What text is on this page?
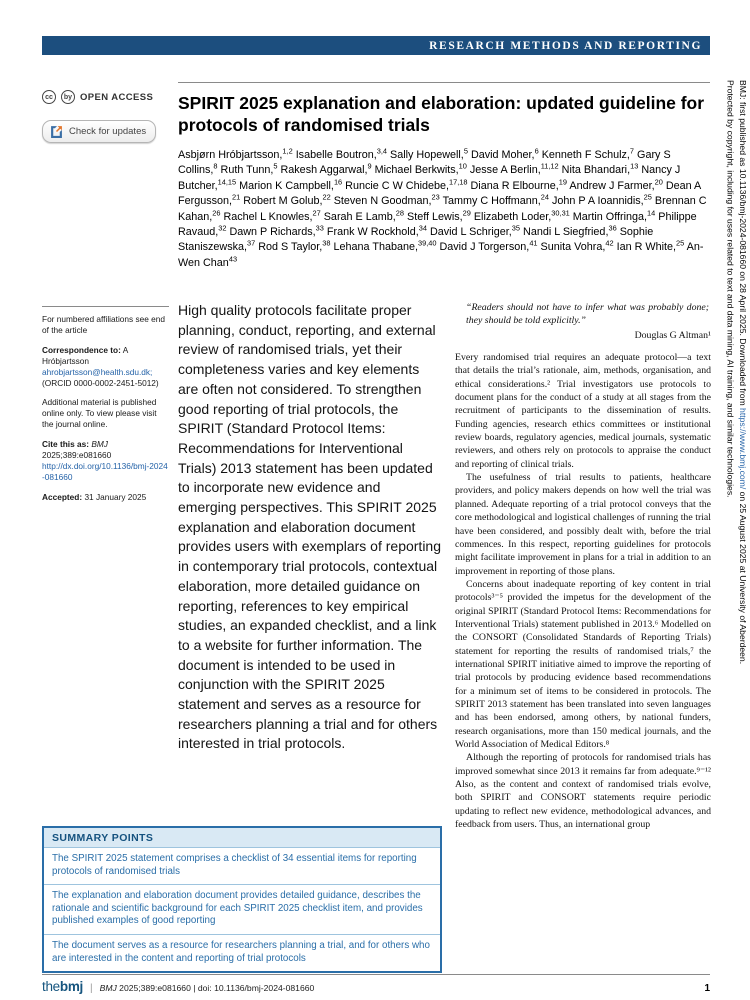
RESEARCH METHODS AND REPORTING
BMJ: first published as 10.1136/bmj-2024-081660 on 28 April 2025. Downloaded from https://www.bmj.com/ on 25 August 2025 at University of Aberdeen.
Protected by copyright, including for uses related to text and data mining, AI training, and similar technologies.
cc	by OPEN ACCESS
Check for updates
SPIRIT 2025 explanation and elaboration: updated guideline for protocols of randomised trials

Asbjørn Hróbjartsson,$^{1,2}$ Isabelle Boutron,$^{3,4}$ Sally Hopewell,$^5$ David Moher,$^6$ Kenneth F Schulz,$^7$ Gary S Collins,$^8$ Ruth Tunn,$^5$ Rakesh Aggarwal,$^9$ Michael Berkwits,$^{10}$ Jesse A Berlin,$^{11,12}$ Nita Bhandari,$^{13}$ Nancy J Butcher,$^{14,15}$ Marion K Campbell,$^{16}$ Runcie C W Chidebe,$^{17,18}$ Diana R Elbourne,$^{19}$ Andrew J Farmer,$^{20}$ Dean A Fergusson,$^{21}$ Robert M Golub,$^{22}$ Steven N Goodman,$^{23}$ Tammy C Hoffmann,$^{24}$ John P A Ioannidis,$^{25}$ Brennan C Kahan,$^{26}$ Rachel L Knowles,$^{27}$ Sarah E Lamb,$^{28}$ Steff Lewis,$^{29}$ Elizabeth Loder,$^{30,31}$ Martin Offringa,$^{14}$ Philippe Ravaud,$^{32}$ Dawn P Richards,$^{33}$ Frank W Rockhold,$^{34}$ David L Schriger,$^{35}$ Nandi L Siegfried,$^{36}$ Sophie Staniszewska,$^{37}$ Rod S Taylor,$^{38}$ Lehana Thabane,$^{39,40}$ David J Torgerson,$^{41}$ Sunita Vohra,$^{42}$ Ian R White,$^{25}$ An-Wen Chan$^{43}$

For numbered affiliations see end of the article
Correspondence to: A Hróbjartsson
ahrobjartsson@health.sdu.dk;
(ORCID 0000-0002-2451-5012)
Additional material is published online only. To view please visit the journal online.
Cite this as: BMJ 2025;389:e081660
http://dx.doi.org/10.1136/bmj-2024-081660
Accepted: 31 January 2025

High quality protocols facilitate proper planning, conduct, reporting, and external review of randomised trials, yet their completeness varies and key elements are often not considered. To strengthen good reporting of trial protocols, the SPIRIT (Standard Protocol Items: Recommendations for Interventional Trials) 2013 statement has been updated to incorporate new evidence and emerging perspectives. This SPIRIT 2025 explanation and elaboration document provides users with exemplars of reporting in contemporary trial protocols, contextual elaboration, more detailed guidance on reporting, references to key empirical studies, an expanded checklist, and a link to a website for further information. The document is intended to be used in conjunction with the SPIRIT 2025 statement and serves as a resource for researchers planning a trial and for others interested in trial protocols.

“Readers should not have to infer what was probably done; they should be told explicitly.”

Douglas G Altman¹

Every randomised trial requires an adequate protocol—a text that details the trial’s rationale, aim, methods, organisation, and ethical considerations.² Trial investigators use protocols to document plans for the conduct of a study at all stages from the recruitment of participants to the dissemination of results. Funding agencies, research ethics committees or institutional review boards, regulatory agencies, medical journals, systematic reviewers, and others rely on protocols to appraise the conduct and reporting of clinical trials.

The usefulness of trial results to patients, healthcare providers, and policy makers depends on how well the trial was planned. Adequate reporting of a trial protocol conveys that the core methodological and logistical challenges of running the trial have been considered, and possibly dealt with, before the trial commences. In this respect, reporting guidelines for protocols might facilitate improvement in plans for a trial in addition to an improvement in reporting of those plans.

Concerns about inadequate reporting of key content in trial protocols³⁻⁵ provided the impetus for the development of the original SPIRIT (Standard Protocol Items: Recommendations for Interventional Trials) statement published in 2013.⁶ Modelled on the CONSORT (Consolidated Standards of Reporting Trials) statement for reporting the results of randomised trials,⁷ the international SPIRIT initiative aimed to improve the reporting of trial protocols by producing evidence based recommendations for a minimum set of items to be considered in protocols. The SPIRIT 2013 statement has been translated into seven languages and has been endorsed, among others, by national funders, research organisations, more than 150 medical journals, and the World Association of Medical Editors.⁸

Although the reporting of protocols for randomised trials has improved somewhat since 2013 it remains far from adequate.⁹⁻¹² Also, as the content and context of randomised trials evolve, both SPIRIT and CONSORT statements require periodic updating to reflect new evidence, methodological advances, and feedback from users. Thus, an international group

SUMMARY POINTS
The SPIRIT 2025 statement comprises a checklist of 34 essential items for reporting protocols of randomised trials
The explanation and elaboration document provides detailed guidance, describes the rationale and scientific background for each SPIRIT 2025 checklist item, and provides published examples of good reporting
The document serves as a resource for researchers planning a trial, and for others who are interested in the content and reporting of trial protocols
thebmj | BMJ 2025;389:e081660 | doi: 10.1136/bmj-2024-081660	1
